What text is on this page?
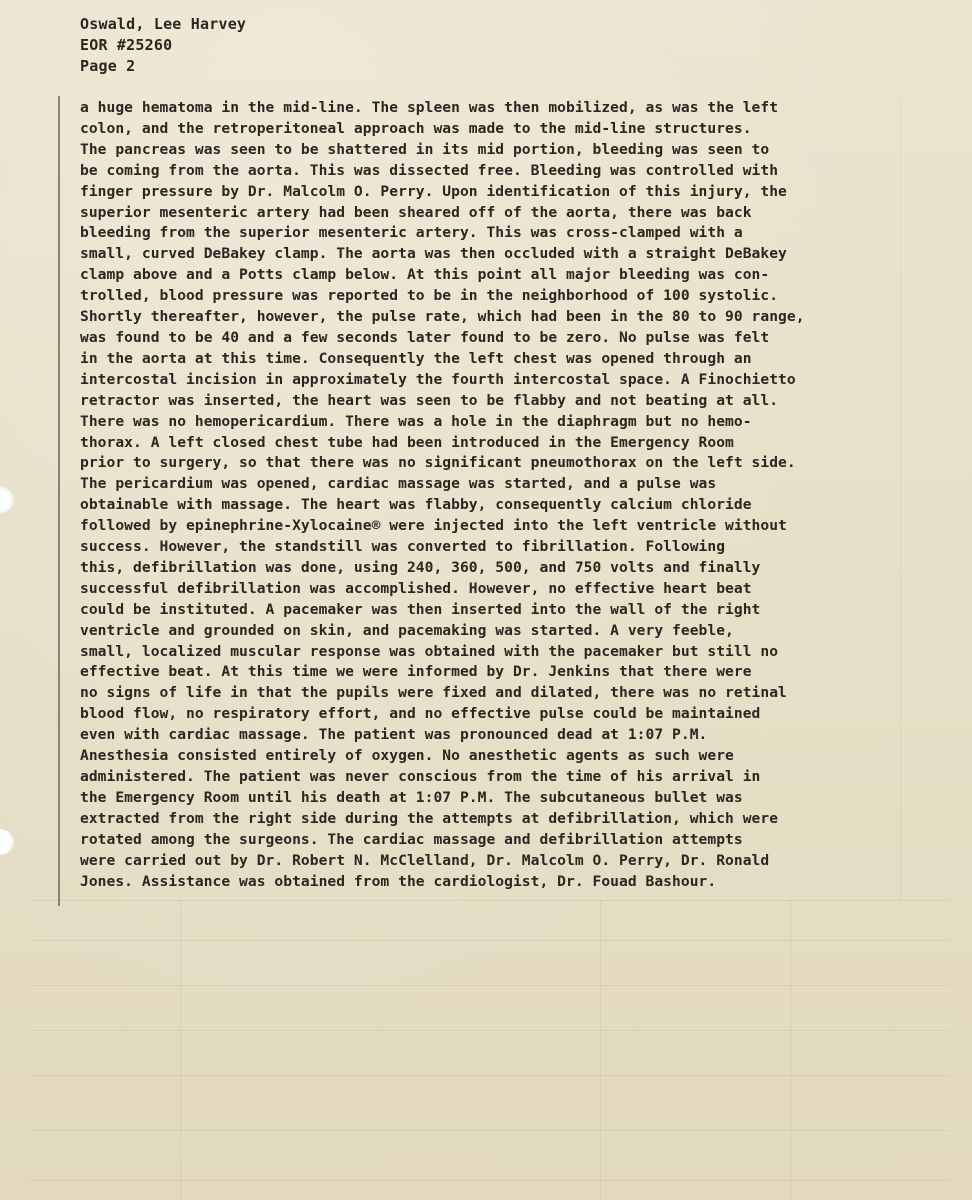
Oswald, Lee Harvey
EOR #25260
Page 2
a huge hematoma in the mid-line. The spleen was then mobilized, as was the left
colon, and the retroperitoneal approach was made to the mid-line structures.
The pancreas was seen to be shattered in its mid portion, bleeding was seen to
be coming from the aorta. This was dissected free. Bleeding was controlled with
finger pressure by Dr. Malcolm O. Perry. Upon identification of this injury, the
superior mesenteric artery had been sheared off of the aorta, there was back
bleeding from the superior mesenteric artery. This was cross-clamped with a
small, curved DeBakey clamp. The aorta was then occluded with a straight DeBakey
clamp above and a Potts clamp below. At this point all major bleeding was con-
trolled, blood pressure was reported to be in the neighborhood of 100 systolic.
Shortly thereafter, however, the pulse rate, which had been in the 80 to 90 range,
was found to be 40 and a few seconds later found to be zero. No pulse was felt
in the aorta at this time. Consequently the left chest was opened through an
intercostal incision in approximately the fourth intercostal space. A Finochietto
retractor was inserted, the heart was seen to be flabby and not beating at all.
There was no hemopericardium. There was a hole in the diaphragm but no hemo-
thorax. A left closed chest tube had been introduced in the Emergency Room
prior to surgery, so that there was no significant pneumothorax on the left side.
The pericardium was opened, cardiac massage was started, and a pulse was
obtainable with massage. The heart was flabby, consequently calcium chloride
followed by epinephrine-Xylocaine® were injected into the left ventricle without
success. However, the standstill was converted to fibrillation. Following
this, defibrillation was done, using 240, 360, 500, and 750 volts and finally
successful defibrillation was accomplished. However, no effective heart beat
could be instituted. A pacemaker was then inserted into the wall of the right
ventricle and grounded on skin, and pacemaking was started. A very feeble,
small, localized muscular response was obtained with the pacemaker but still no
effective beat. At this time we were informed by Dr. Jenkins that there were
no signs of life in that the pupils were fixed and dilated, there was no retinal
blood flow, no respiratory effort, and no effective pulse could be maintained
even with cardiac massage. The patient was pronounced dead at 1:07 P.M.
Anesthesia consisted entirely of oxygen. No anesthetic agents as such were
administered. The patient was never conscious from the time of his arrival in
the Emergency Room until his death at 1:07 P.M. The subcutaneous bullet was
extracted from the right side during the attempts at defibrillation, which were
rotated among the surgeons. The cardiac massage and defibrillation attempts
were carried out by Dr. Robert N. McClelland, Dr. Malcolm O. Perry, Dr. Ronald
Jones. Assistance was obtained from the cardiologist, Dr. Fouad Bashour.
